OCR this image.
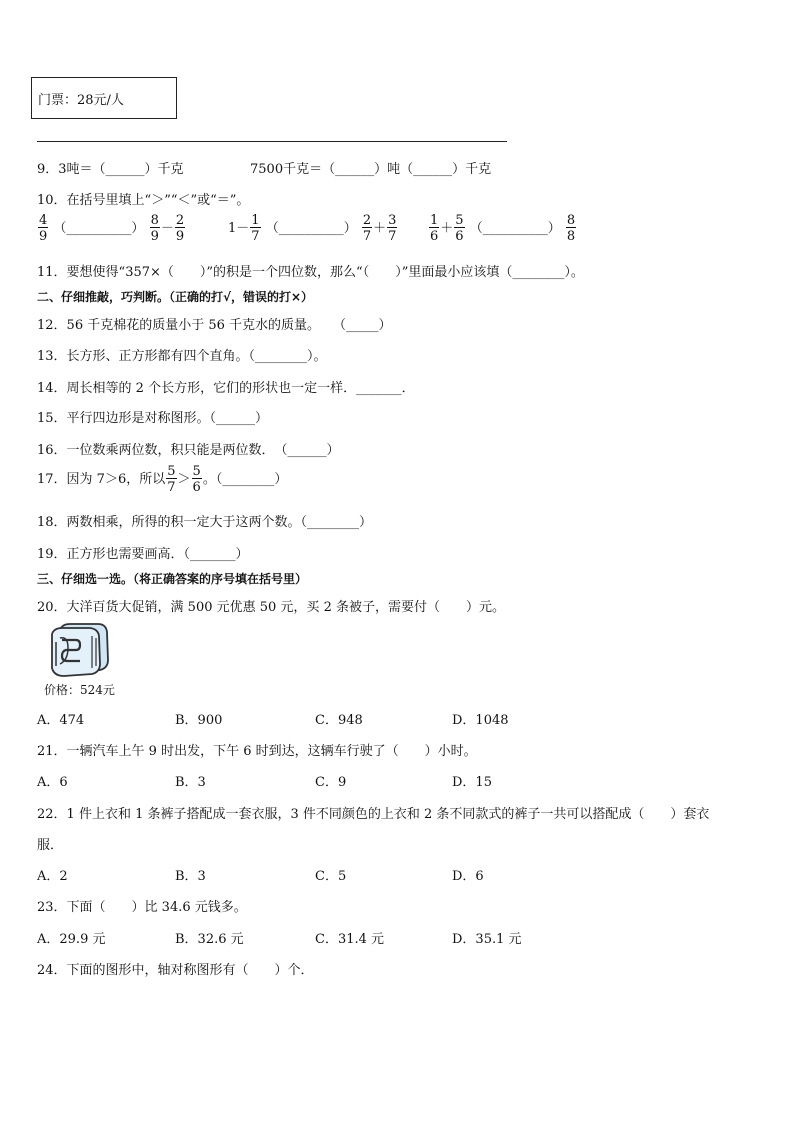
门票：28元/人
9．3吨＝（______）千克	7500千克＝（______）吨（______）千克
10．在括号里填上“＞”“＜”或“＝”。
$\frac{4}{9}$ （__________） $\frac{8}{9} - \frac{2}{9}$	$1- \frac{1}{7}$ （__________） $\frac{2}{7} + \frac{3}{7} \frac{1}{6} + \frac{5}{6}$ （__________） $\frac{8}{8}$
11．要想使得“357×（　　）”的积是一个四位数，那么“（　　）”里面最小应该填（________）。
二、仔细推敲，巧判断。（正确的打√，错误的打×）
12．56 千克棉花的质量小于 56 千克水的质量。　　（_____）
13．长方形、正方形都有四个直角。（________）。
14．周长相等的 2 个长方形，它们的形状也一定一样．_______．
15．平行四边形是对称图形。（______）
16．一位数乘两位数，积只能是两位数．　（______）
17．因为 7＞6，所以 $\frac{5}{7} > \frac{5}{6}$ 。（________）
18．两数相乘，所得的积一定大于这两个数。（________）
19．正方形也需要画高．（_______）
三、仔细选一选。（将正确答案的序号填在括号里）
20．大洋百货大促销，满 500 元优惠 50 元，买 2 条被子，需要付（　　）元。
价格：524元
A．474	B．900	C．948	D．1048
21．一辆汽车上午 9 时出发，下午 6 时到达，这辆车行驶了（　　）小时。
A．6	B．3	C．9	D．15
22．1 件上衣和 1 条裤子搭配成一套衣服，3 件不同颜色的上衣和 2 条不同款式的裤子一共可以搭配成（　　）套衣
服．
A．2	B．3	C．5	D．6
23．下面（　　）比 34.6 元钱多。
A．29.9 元	B．32.6 元	C．31.4 元	D．35.1 元
24．下面的图形中，轴对称图形有（　　）个．
